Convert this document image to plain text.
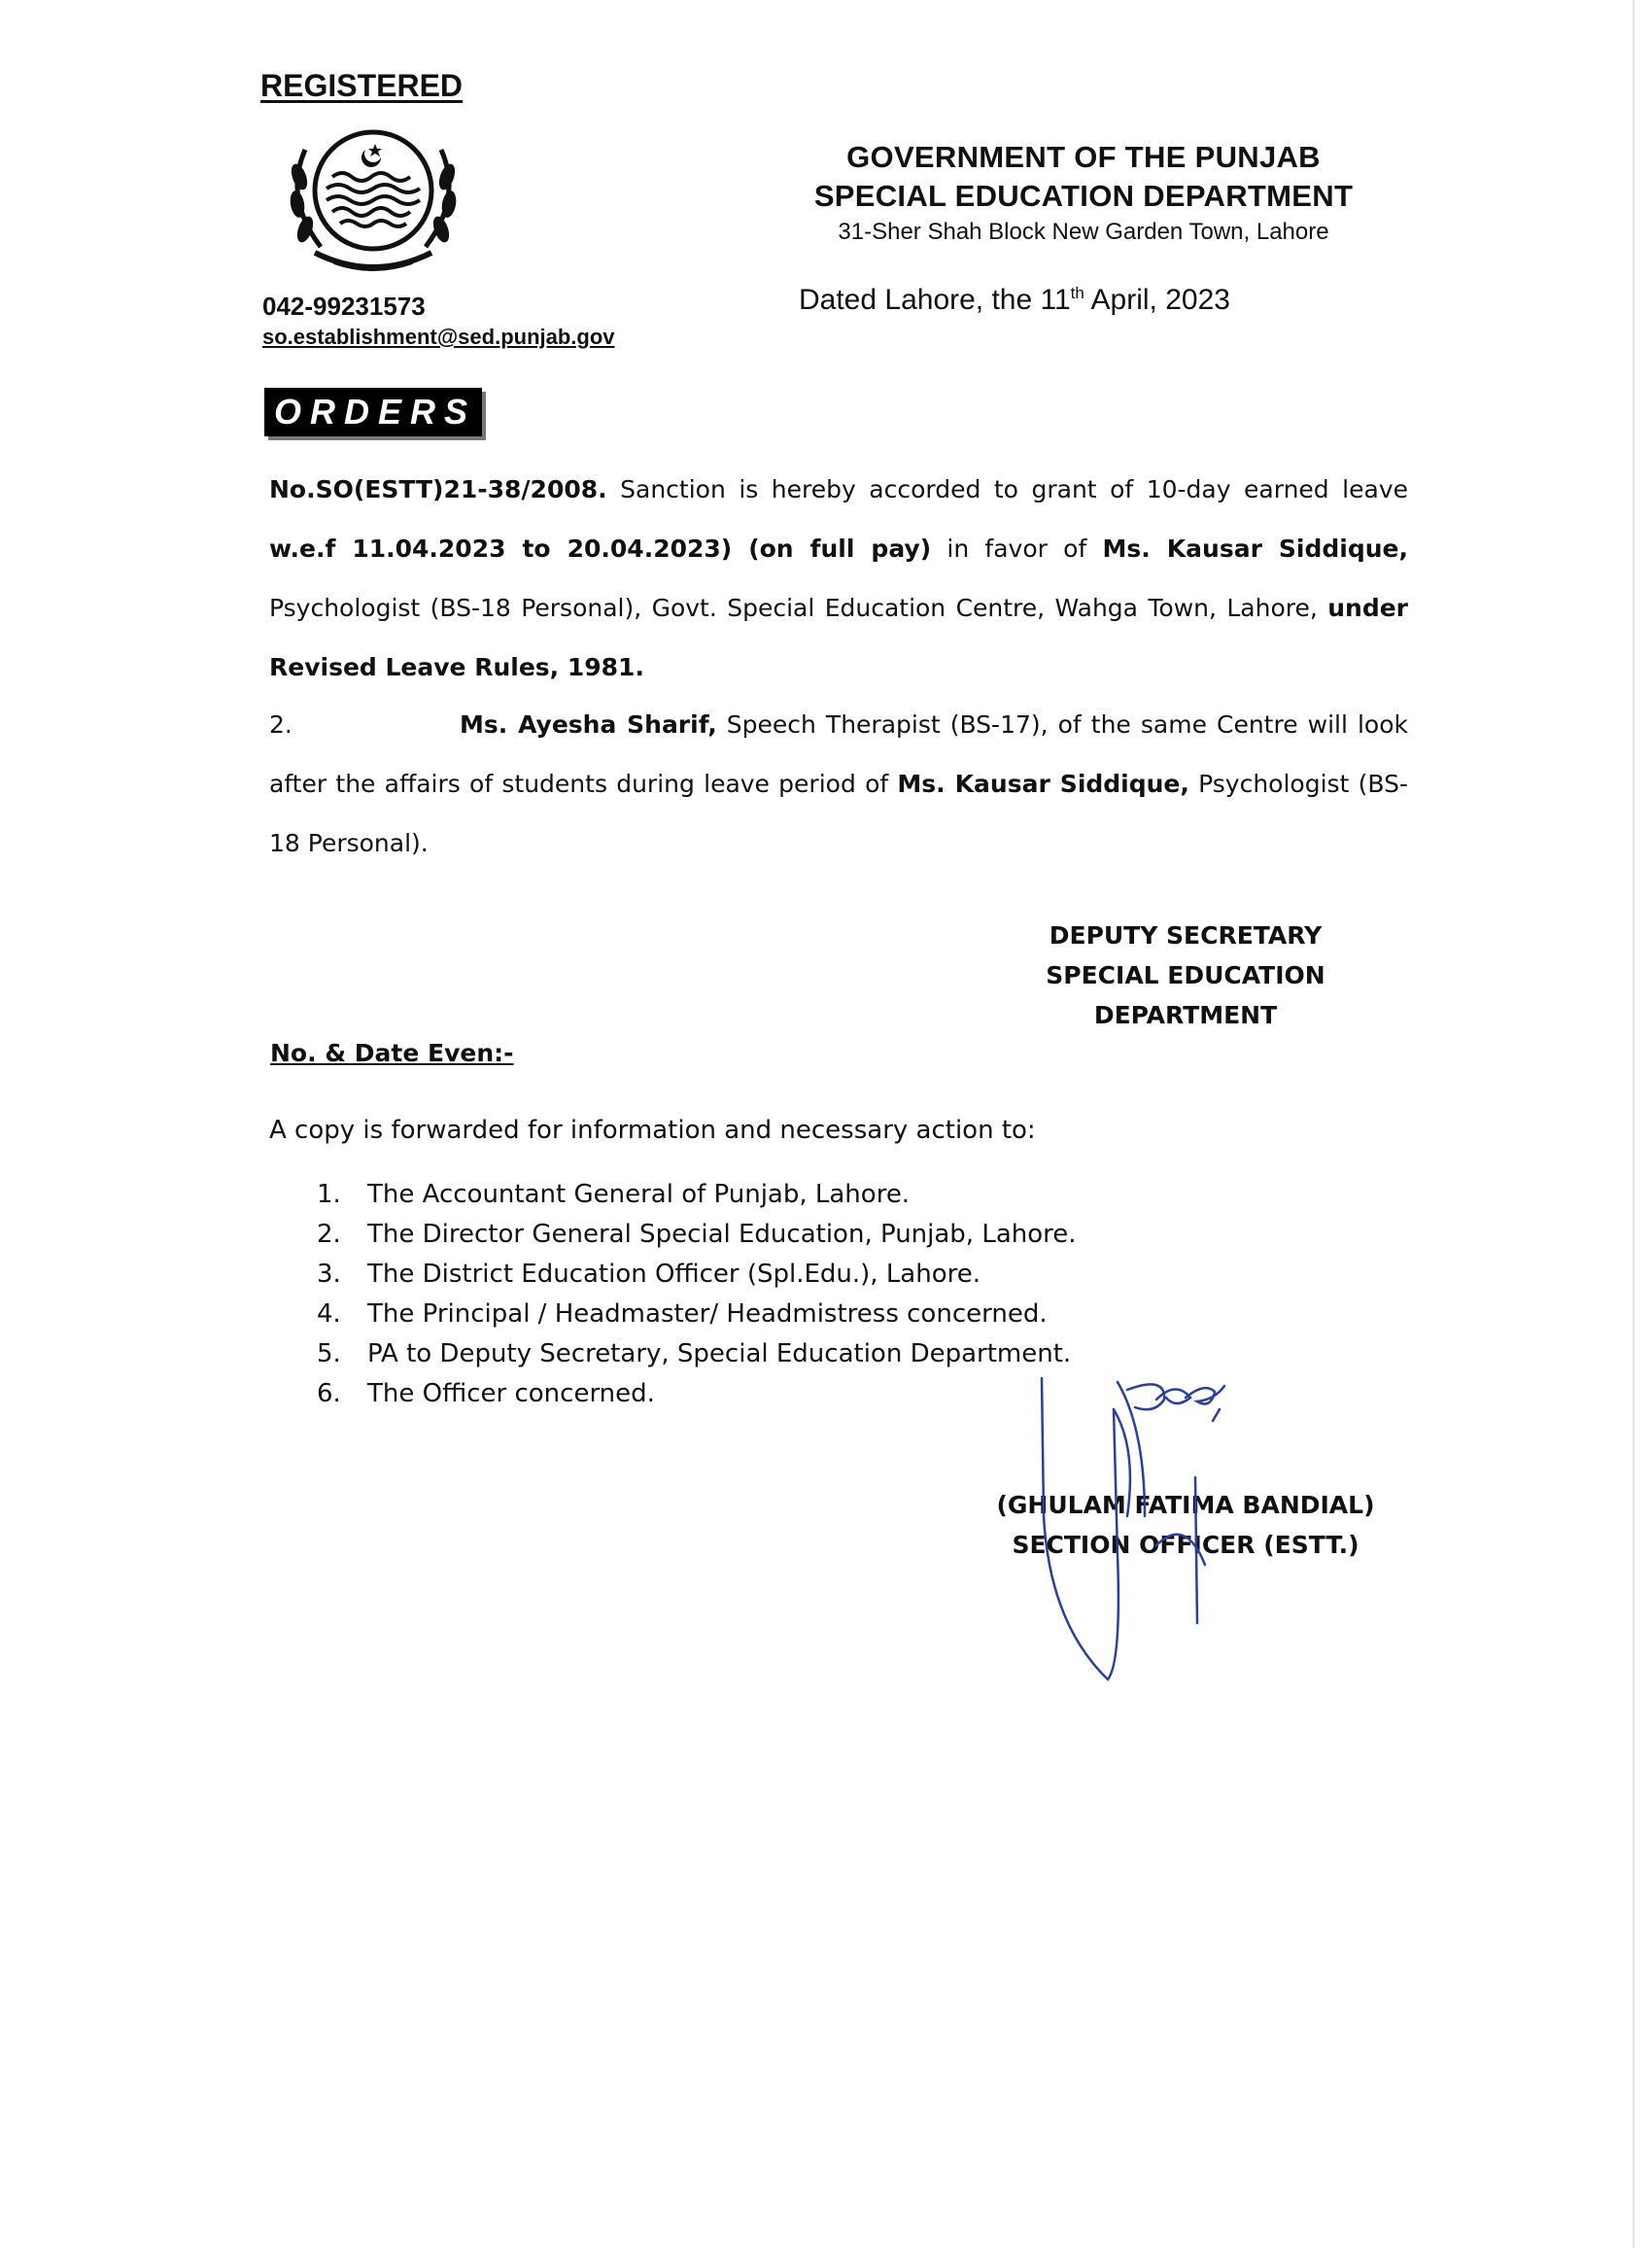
REGISTERED
GOVERNMENT OF THE PUNJAB
SPECIAL EDUCATION DEPARTMENT
31-Sher Shah Block New Garden Town, Lahore
042-99231573
so.establishment@sed.punjab.gov
Dated Lahore, the 11th April, 2023
ORDERS
No.SO(ESTT)21-38/2008. Sanction is hereby accorded to grant of 10-day earned leave w.e.f 11.04.2023 to 20.04.2023) (on full pay) in favor of Ms. Kausar Siddique, Psychologist (BS-18 Personal), Govt. Special Education Centre, Wahga Town, Lahore, under Revised Leave Rules, 1981.
2.	Ms. Ayesha Sharif, Speech Therapist (BS-17), of the same Centre will look after the affairs of students during leave period of Ms. Kausar Siddique, Psychologist (BS-18 Personal).
DEPUTY SECRETARY
SPECIAL EDUCATION
DEPARTMENT
No. & Date Even:-
A copy is forwarded for information and necessary action to:
1. The Accountant General of Punjab, Lahore.
2. The Director General Special Education, Punjab, Lahore.
3. The District Education Officer (Spl.Edu.), Lahore.
4. The Principal / Headmaster/ Headmistress concerned.
5. PA to Deputy Secretary, Special Education Department.
6. The Officer concerned.
(GHULAM FATIMA BANDIAL)
SECTION OFFICER (ESTT.)
